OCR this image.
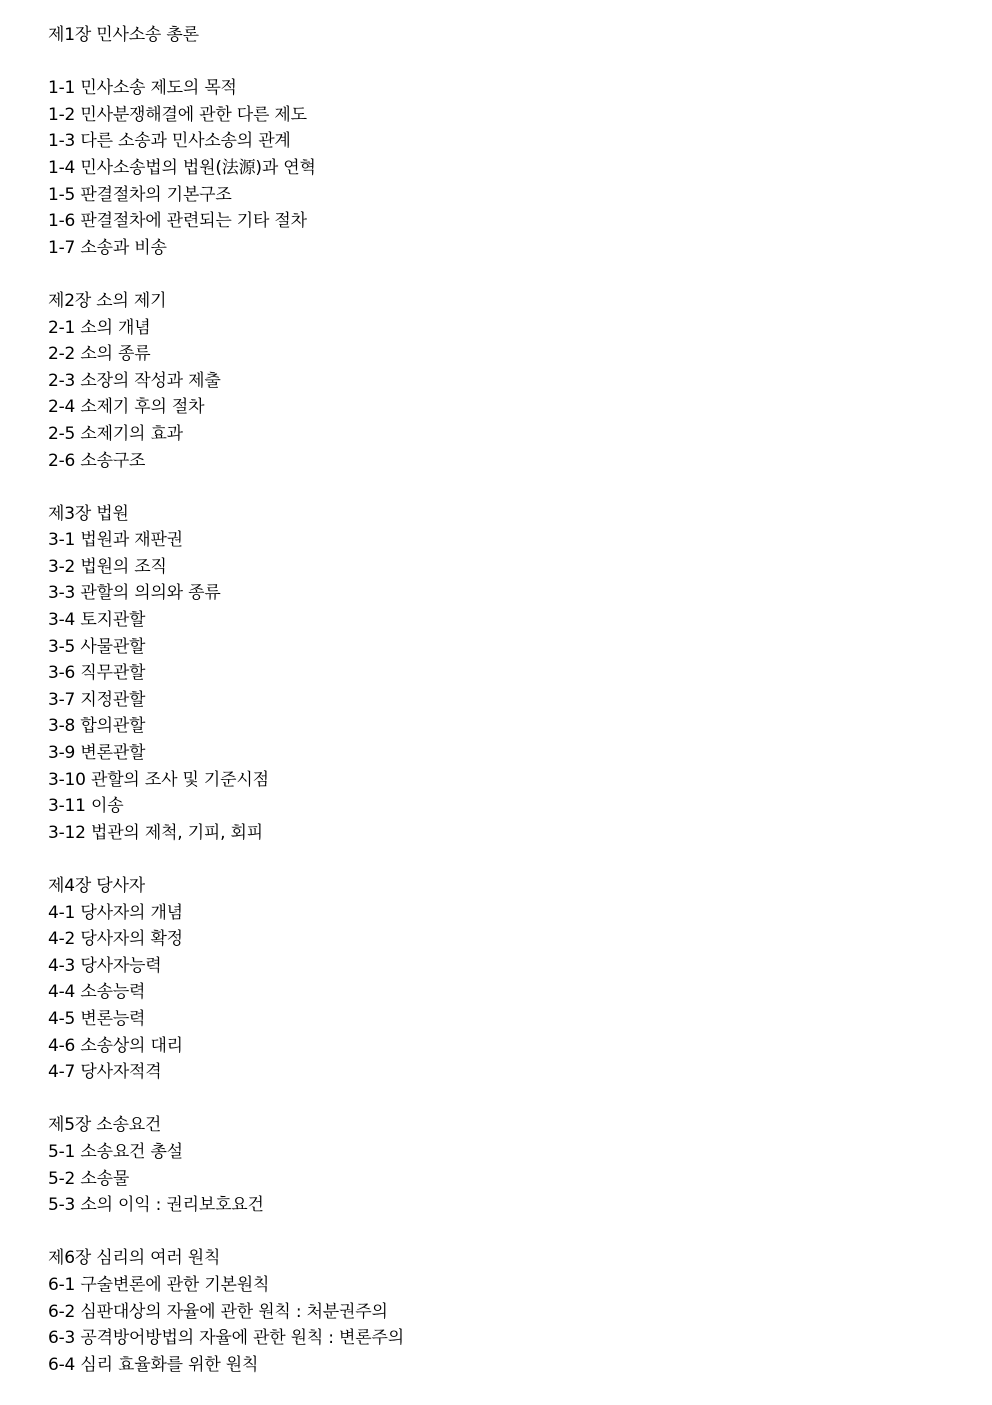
제1장 민사소송 총론
1-1 민사소송 제도의 목적
1-2 민사분쟁해결에 관한 다른 제도
1-3 다른 소송과 민사소송의 관계
1-4 민사소송법의 법원(法源)과 연혁
1-5 판결절차의 기본구조
1-6 판결절차에 관련되는 기타 절차
1-7 소송과 비송
제2장 소의 제기
2-1 소의 개념
2-2 소의 종류
2-3 소장의 작성과 제출
2-4 소제기 후의 절차
2-5 소제기의 효과
2-6 소송구조
제3장 법원
3-1 법원과 재판권
3-2 법원의 조직
3-3 관할의 의의와 종류
3-4 토지관할
3-5 사물관할
3-6 직무관할
3-7 지정관할
3-8 합의관할
3-9 변론관할
3-10 관할의 조사 및 기준시점
3-11 이송
3-12 법관의 제척, 기피, 회피
제4장 당사자
4-1 당사자의 개념
4-2 당사자의 확정
4-3 당사자능력
4-4 소송능력
4-5 변론능력
4-6 소송상의 대리
4-7 당사자적격
제5장 소송요건
5-1 소송요건 총설
5-2 소송물
5-3 소의 이익 : 권리보호요건
제6장 심리의 여러 원칙
6-1 구술변론에 관한 기본원칙
6-2 심판대상의 자율에 관한 원칙 : 처분권주의
6-3 공격방어방법의 자율에 관한 원칙 : 변론주의
6-4 심리 효율화를 위한 원칙
